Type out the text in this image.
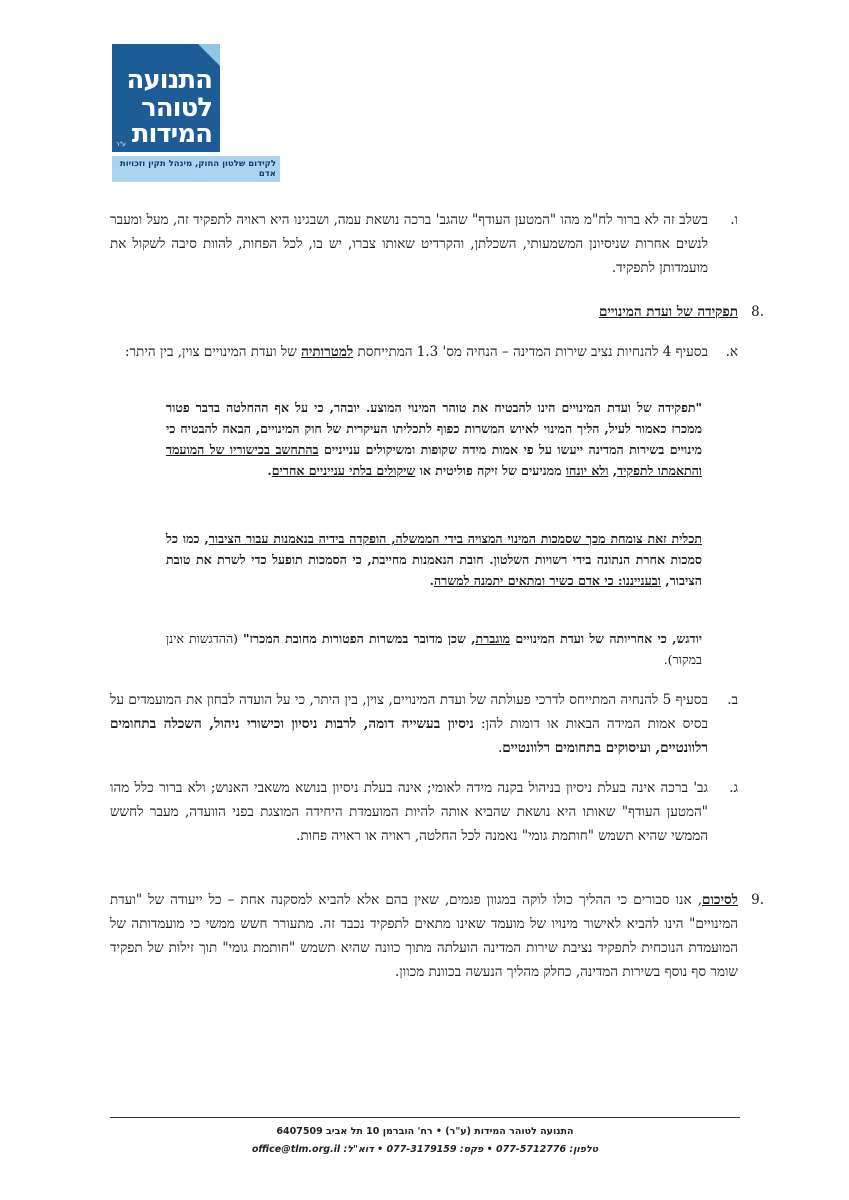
התנועה
לטוהר
המידות
ע"ר
לקידום שלטון החוק, מינהל תקין וזכויות אדם
ו.
בשלב זה לא ברור לח"מ מהו "המטען העודף" שהגב' ברכה נושאת עמה, ושבגינו היא ראויה לתפקיד זה, מעל ומעבר לנשים אחרות שניסיונן המשמעותי, השכלתן, והקרדיט שאותו צברו, יש בו, לכל הפחות, להוות סיבה לשקול את מועמדותן לתפקיד.
.8
תפקידה של ועדת המינויים
א.
בסעיף 4 להנחיות נציב שירות המדינה – הנחיה מס' 1.3 המתייחסת למטרותיה של ועדת המינויים צוין, בין היתר:
"תפקידה של ועדת המינויים הינו להבטיח את טוהר המינוי המוצע. יובהר, כי על אף ההחלטה בדבר פטור ממכרז כאמור לעיל, הליך המינוי לאיוש המשרות כפוף לתכליתו העיקרית של חוק המינויים, הבאה להבטיח כי מינויים בשירות המדינה ייעשו על פי אמות מידה שקופות ומשיקולים ענייניים בהתחשב בכישוריו של המועמד והתאמתו לתפקיד, ולא יונחו ממניעים של זיקה פוליטית או שיקולים בלתי ענייניים אחרים.
תכלית זאת צומחת מכך שסמכות המינוי המצויה בידי הממשלה, הופקדה בידיה בנאמנות עבור הציבור, כמו כל סמכות אחרת הנתונה בידי רשויות השלטון. חובת הנאמנות מחייבת, כי הסמכות תופעל כדי לשרת את טובת הציבור, ובענייננו: כי אדם כשיר ומתאים יתמנה למשרה.
יודגש, כי אחריותה של ועדת המינויים מוגברת, שכן מדובר במשרות הפטורות מחובת המכרז" (ההדגשות אינן במקור).
ב.
בסעיף 5 להנחיה המתייחס לדרכי פעולתה של ועדת המינויים, צוין, בין היתר, כי על הועדה לבחון את המועמדים על בסיס אמות המידה הבאות או דומות להן: ניסיון בעשייה דומה, לרבות ניסיון וכישורי ניהול, השכלה בתחומים רלוונטיים, ועיסוקים בתחומים רלוונטיים.
ג.
גב' ברכה אינה בעלת ניסיון בניהול בקנה מידה לאומי; אינה בעלת ניסיון בנושא משאבי האנוש; ולא ברור כלל מהו "המטען העודף" שאותו היא נושאת שהביא אותה להיות המועמדת היחידה המוצגת בפני הוועדה, מעבר לחשש הממשי שהיא תשמש "חותמת גומי" נאמנה לכל החלטה, ראויה או ראויה פחות.
.9
לסיכום, אנו סבורים כי ההליך כולו לוקה במגוון פגמים, שאין בהם אלא להביא למסקנה אחת – כל ייעודה של "ועדת המינויים" הינו להביא לאישור מינויו של מועמד שאינו מתאים לתפקיד נכבד זה. מתעורר חשש ממשי כי מועמדותה של המועמדת הנוכחית לתפקיד נציבת שירות המדינה הועלתה מתוך כוונה שהיא תשמש "חותמת גומי" תוך זילות של תפקיד שומר סף נוסף בשירות המדינה, כחלק מהליך הנעשה בכוונת מכוון.
התנועה לטוהר המידות (ע"ר) • רח' הוברמן 10 תל אביב 6407509
טלפון: 077-5712776 • פקס: 077-3179159 • דוא"ל: office@tlm.org.il
